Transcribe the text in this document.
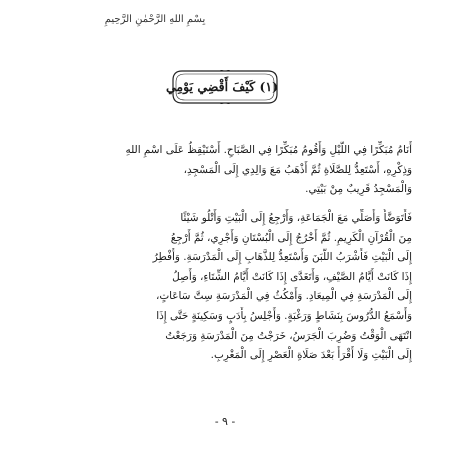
بِسْمِ اللهِ الرَّحْمٰنِ الرَّحِيمِ
(١) كَيْفَ أَقْضِي يَوْمِي
أَنَامُ مُبَكِّرًا فِي اللَّيْلِ وَأَقُومُ مُبَكِّرًا فِي الصَّبَاحِ. أَسْتَيْقِظُ عَلَى اسْمِ اللهِ
وَذِكْرِهِ، أَسْتَعِدُّ لِلصَّلَاةِ ثُمَّ أَذْهَبُ مَعَ وَالِدِي إِلَى الْمَسْجِدِ،
وَالْمَسْجِدُ قَرِيبٌ مِنْ بَيْتِي.
فَأَتَوَضَّأُ وَأُصَلِّي مَعَ الْجَمَاعَةِ، وَأَرْجِعُ إِلَى الْبَيْتِ وَأَتْلُو شَيْئًا
مِنَ الْقُرْآنِ الْكَرِيمِ. ثُمَّ أَخْرُجُ إِلَى الْبُسْتَانِ وَأَجْرِي، ثُمَّ أَرْجِعُ
إِلَى الْبَيْتِ فَأَشْرَبُ اللَّبَنَ وَأَسْتَعِدُّ لِلذَّهَابِ إِلَى الْمَدْرَسَةِ. وَأُفْطِرُ
إِذَا كَانَتْ أَيَّامُ الصَّيْفِ، وَأَتَغَدَّى إِذَا كَانَتْ أَيَّامُ الشِّتَاءِ، وَأَصِلُ
إِلَى الْمَدْرَسَةِ فِي الْمِيعَادِ. وَأَمْكُثُ فِي الْمَدْرَسَةِ سِتَّ سَاعَاتٍ،
وَأَسْمَعُ الدُّرُوسَ بِنَشَاطٍ وَرَغْبَةٍ. وَأَجْلِسُ بِأَدَبٍ وَسَكِينَةٍ حَتَّى إِذَا
انْتَهَى الْوَقْتُ وَضُرِبَ الْجَرَسُ، خَرَجْتُ مِنَ الْمَدْرَسَةِ وَرَجَعْتُ
إِلَى الْبَيْتِ وَلَا أَقْرَأُ بَعْدَ صَلَاةِ الْعَصْرِ إِلَى الْمَغْرِبِ.
- ٩ -
